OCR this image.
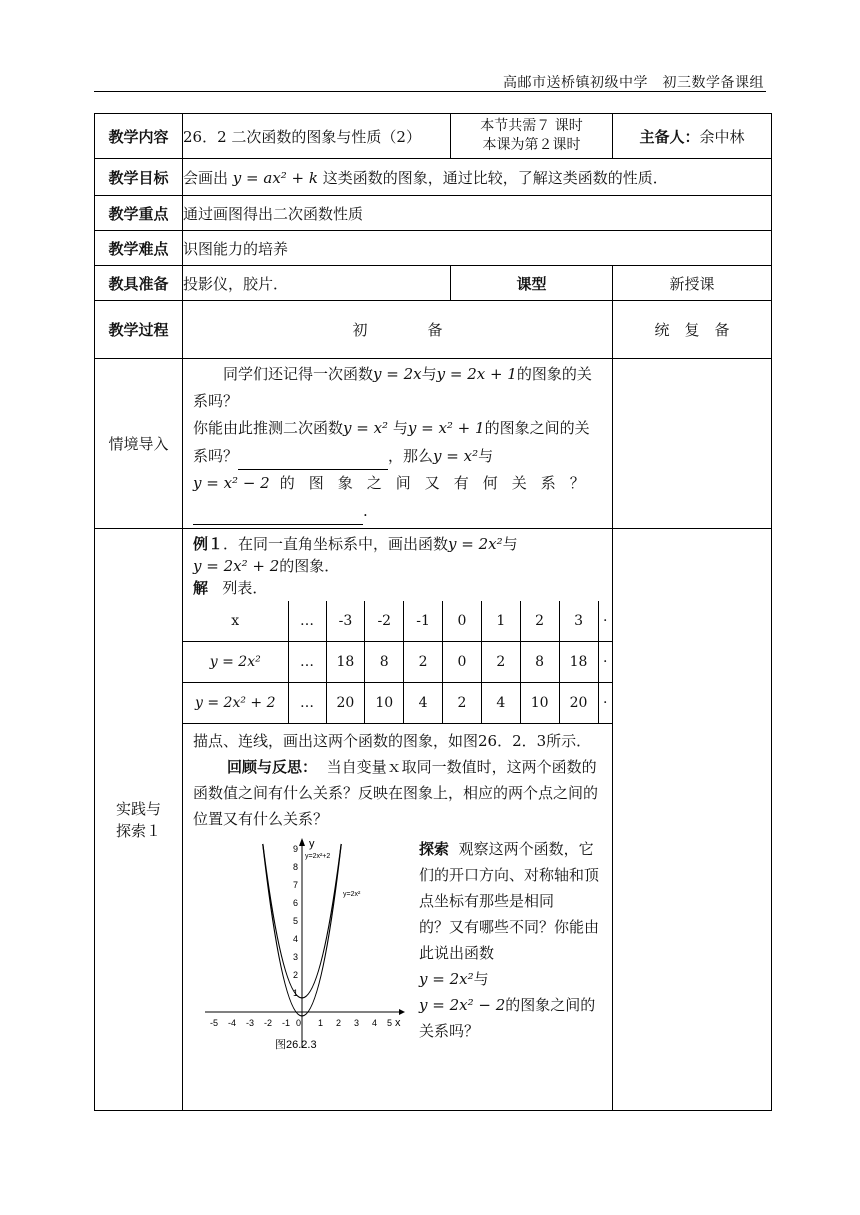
高邮市送桥镇初级中学　初三数学备课组
教学内容	26．2 二次函数的图象与性质（2）	
本节共需７ 课时
本课为第２课时	主备人：余中林
教学目标	会画出 y = ax² + k 这类函数的图象，通过比较，了解这类函数的性质．
教学重点	通过画图得出二次函数性质
教学难点	识图能力的培养
教具准备	投影仪，胶片．	课型	新授课
教学过程	初　　　　备	统　复　备
情境导入	
同学们还记得一次函数y = 2x与y = 2x + 1的图象的关系吗？
你能由此推测二次函数y = x² 与y = x² + 1的图象之间的关系吗？	，那么y = x²与
y = x² − 2 的图象之间又有何关系？ .

实践与
探索１

例１．在同一直角坐标系中，画出函数y = 2x²与
y = 2x² + 2的图象．
解 列表．
x	…	-3	-2	-1	0	1	2	3	·
y = 2x²	…	18	8	2	0	2	8	18	·
y = 2x² + 2	…	20	10	4	2	4	10	20	·
描点、连线，画出这两个函数的图象，如图26．2．3所示．
回顾与反思： 当自变量ｘ取同一数值时，这两个函数的函数值之间有什么关系？反映在图象上，相应的两个点之间的位置又有什么关系？
y
x
-5 -4 -3 -2 -1 0 1 2 3 4 5
1
2
3
4
5
6
7
8
9
y=2x²+2
y=2x²
图26.2.3
探索 观察这两个函数，它们的开口方向、对称轴和顶点坐标有那些是相同
的？又有哪些不同？你能由此说出函数
y = 2x²与
y = 2x² − 2的图象之间的关系吗？
